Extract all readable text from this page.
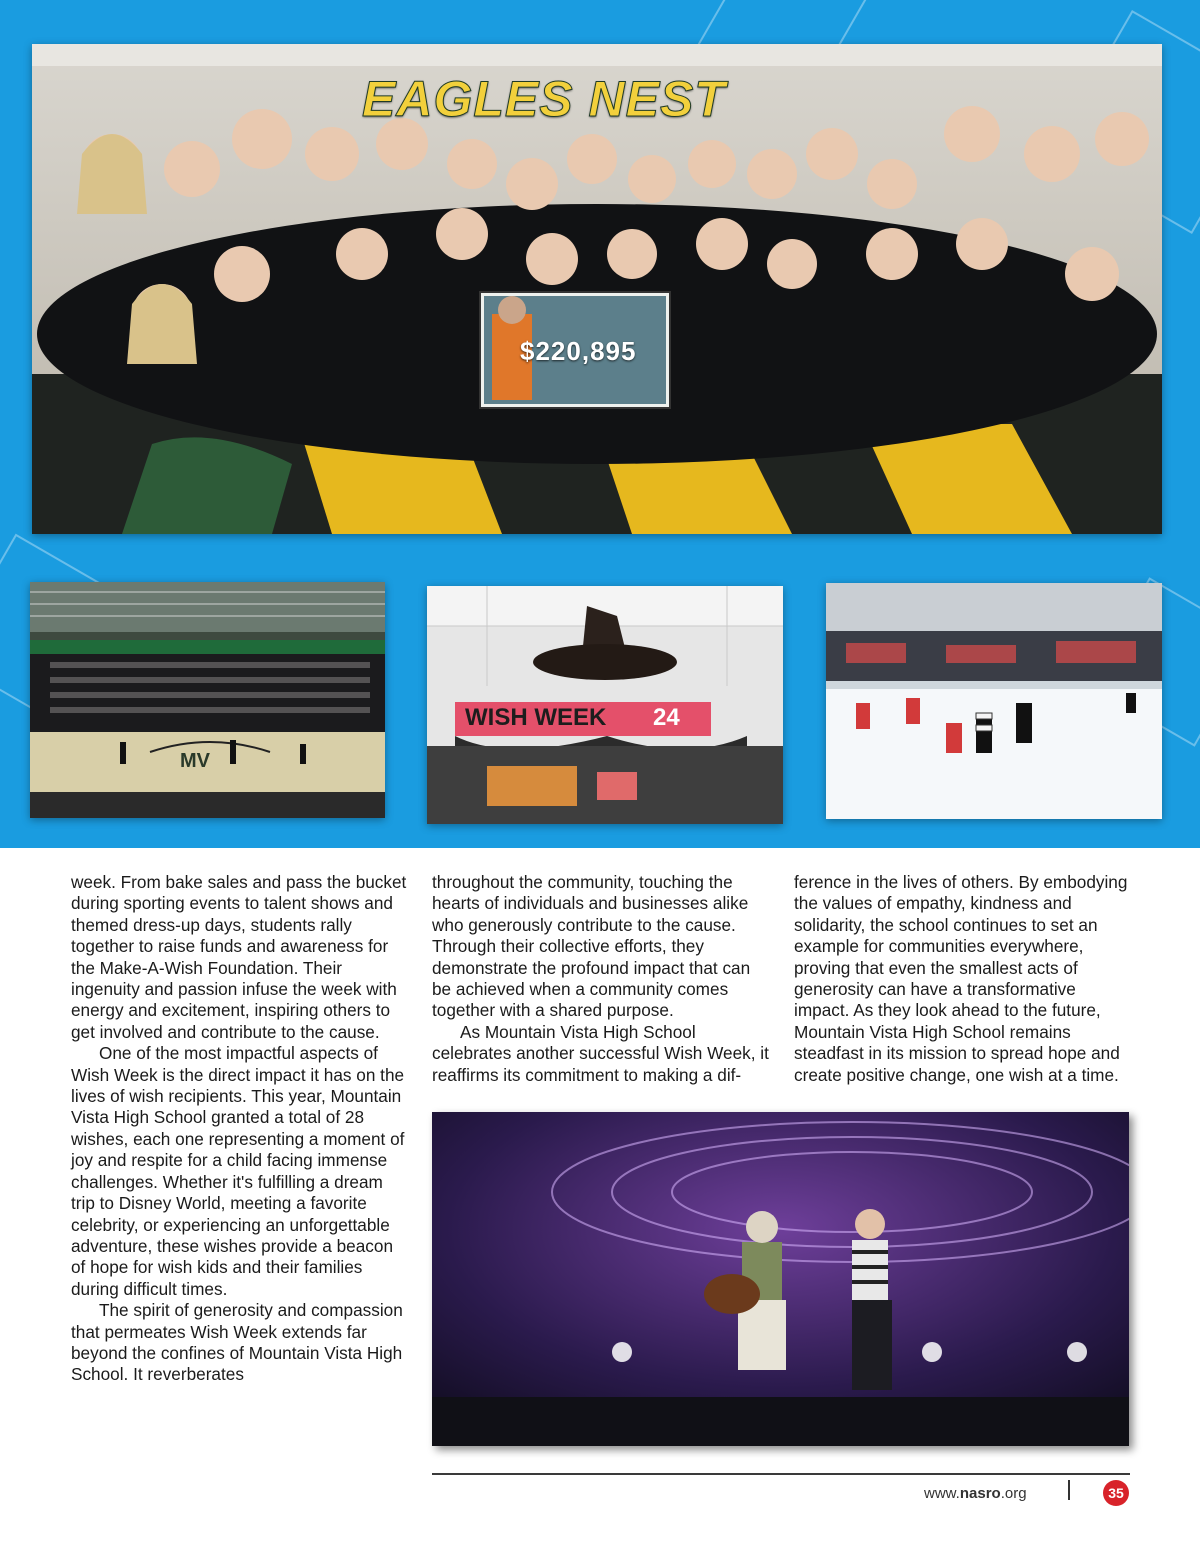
EAGLES NEST
$220,895
MV
WISH WEEK 24

week. From bake sales and pass the bucket during sporting events to talent shows and themed dress-up days, students rally together to raise funds and awareness for the Make-A-Wish Foundation. Their ingenuity and passion infuse the week with energy and excitement, inspiring others to get involved and contribute to the cause.

One of the most impactful aspects of Wish Week is the direct impact it has on the lives of wish recipients. This year, Mountain Vista High School granted a total of 28 wishes, each one representing a moment of joy and respite for a child facing immense challenges. Whether it's fulfilling a dream trip to Disney World, meeting a favorite celebrity, or experiencing an unforgettable adventure, these wishes provide a beacon of hope for wish kids and their families during difficult times.

The spirit of generosity and compassion that permeates Wish Week extends far beyond the confines of Mountain Vista High School. It reverberates

throughout the community, touching the hearts of individuals and businesses alike who generously contribute to the cause. Through their collective efforts, they demonstrate the profound impact that can be achieved when a community comes together with a shared purpose.

As Mountain Vista High School celebrates another successful Wish Week, it reaffirms its commitment to making a dif-

ference in the lives of others. By embodying the values of empathy, kindness and solidarity, the school continues to set an example for communities everywhere, proving that even the smallest acts of generosity can have a transformative impact. As they look ahead to the future, Mountain Vista High School remains steadfast in its mission to spread hope and create positive change, one wish at a time.

www.nasro.org	35
